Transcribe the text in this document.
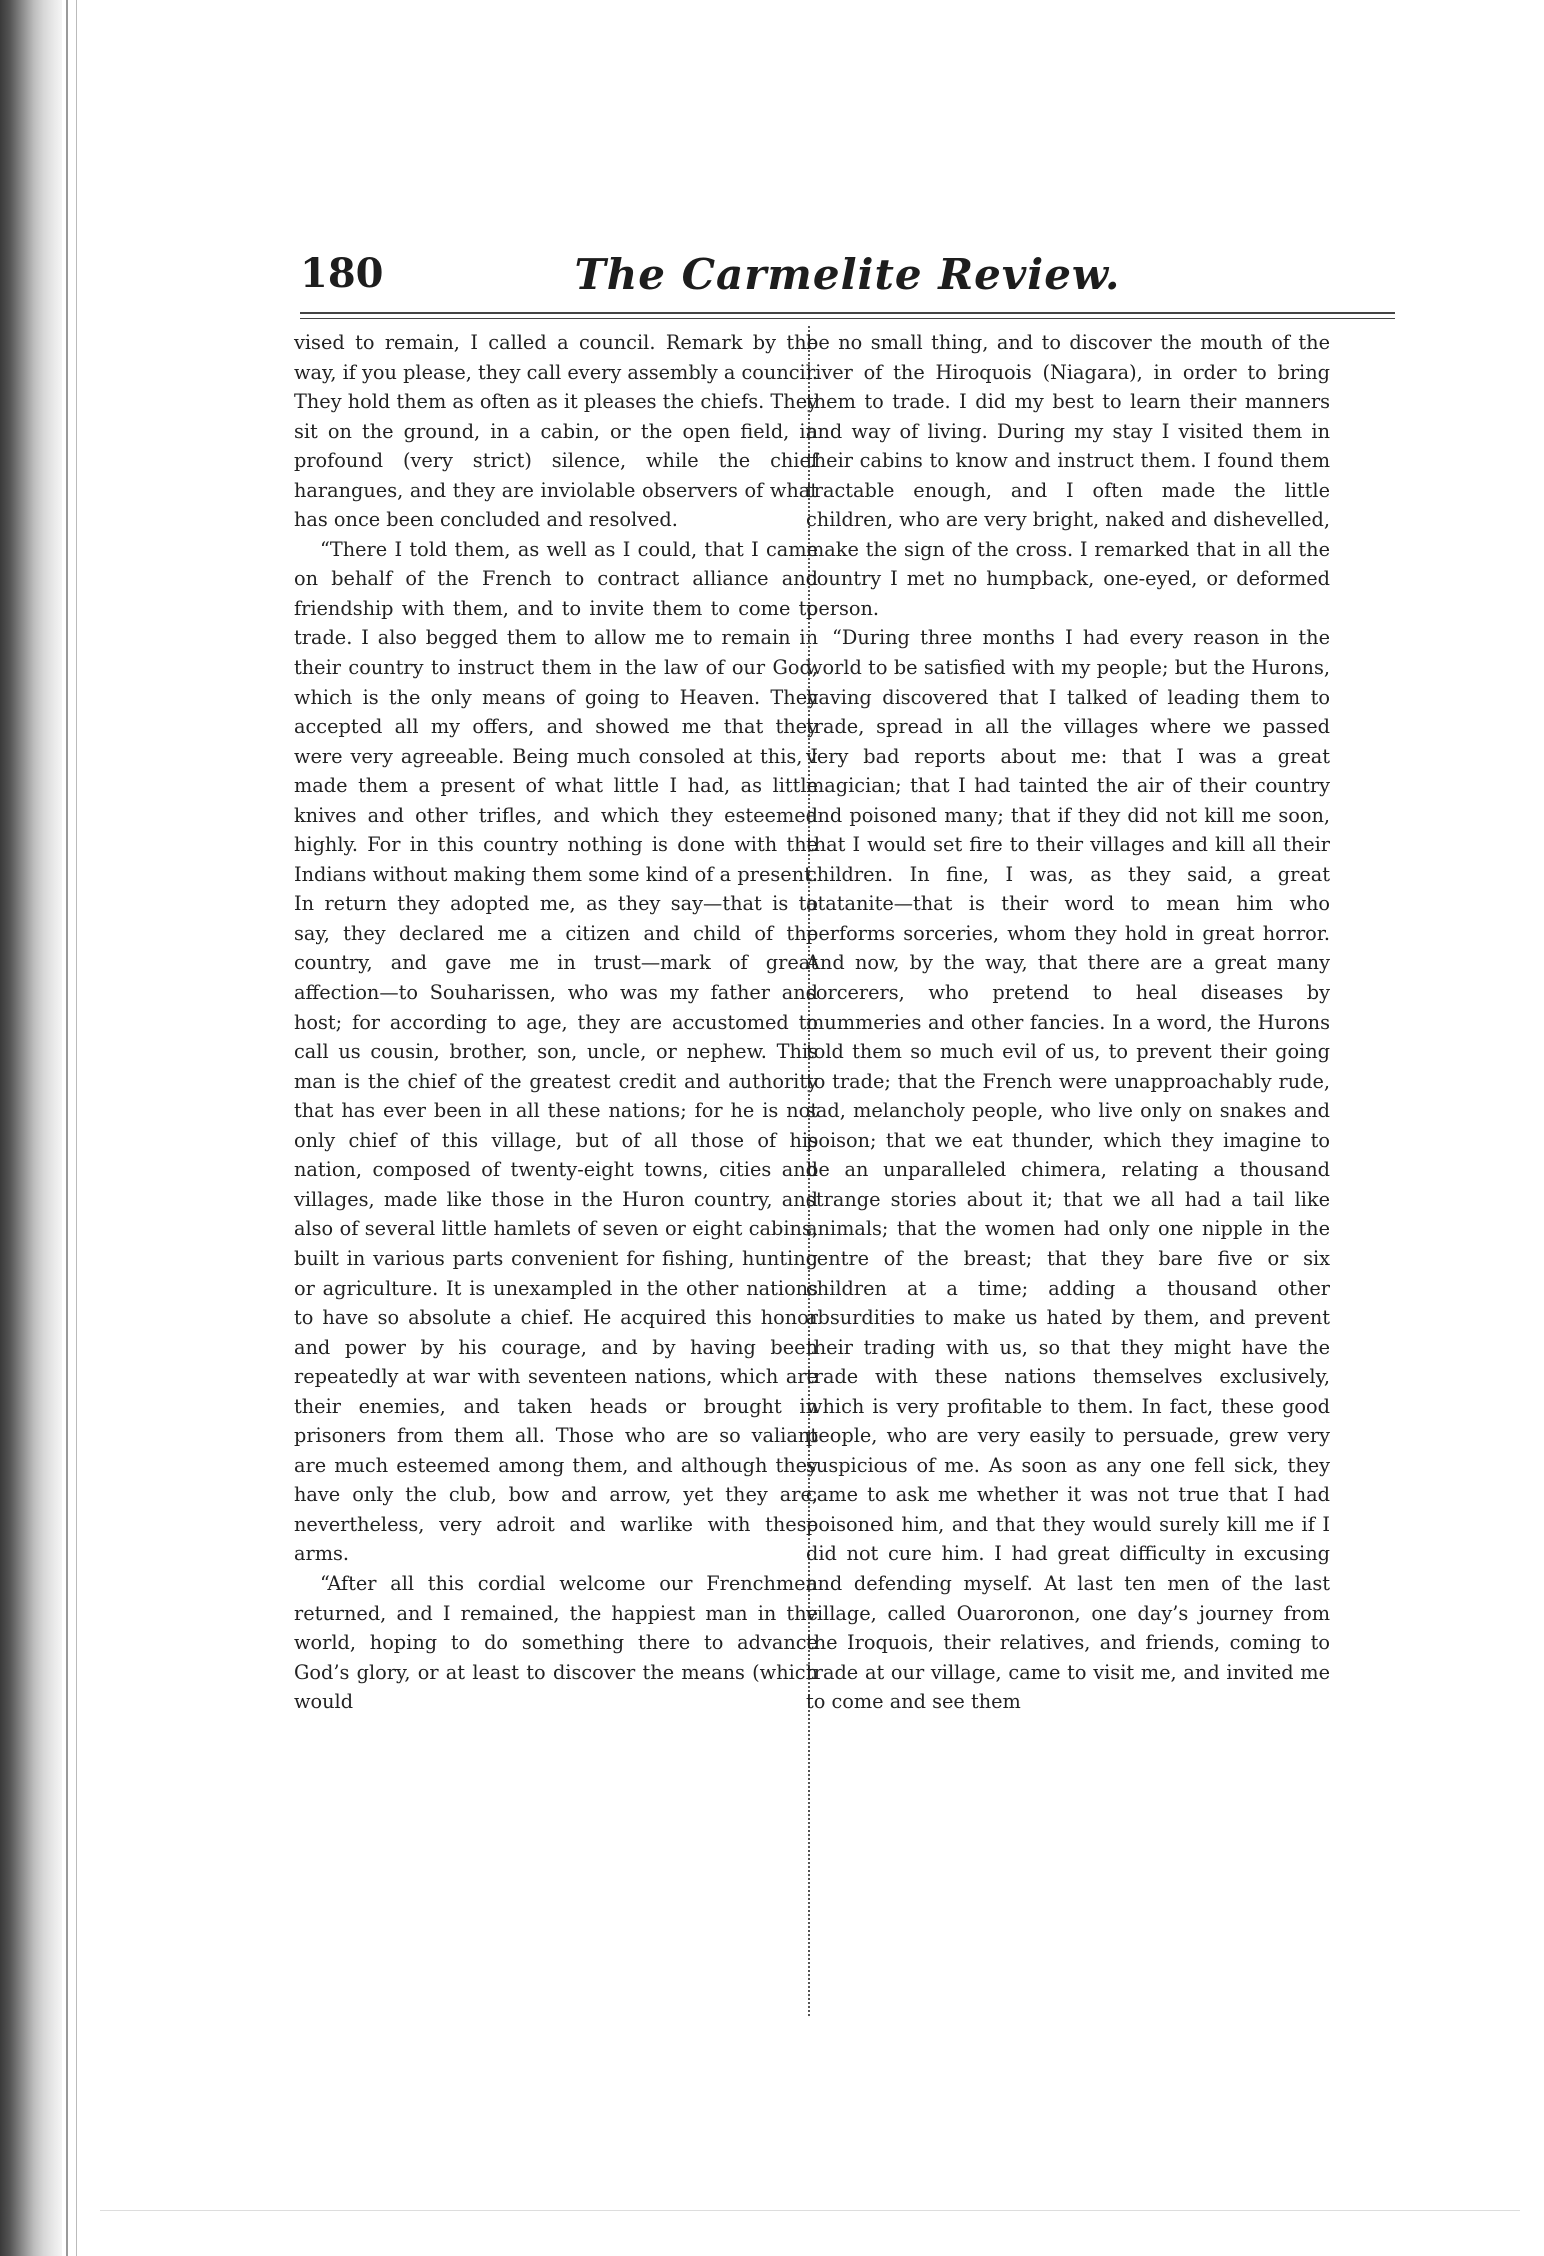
180	The Carmelite Review.

vised to remain, I called a council. Remark by the way, if you please, they call every assembly a council. They hold them as often as it pleases the chiefs. They sit on the ground, in a cabin, or the open field, in profound (very strict) silence, while the chief harangues, and they are inviolable observers of what has once been concluded and resolved.

“There I told them, as well as I could, that I came on behalf of the French to contract alliance and friendship with them, and to invite them to come to trade. I also begged them to allow me to remain in their country to instruct them in the law of our God, which is the only means of going to Heaven. They accepted all my offers, and showed me that they were very agreeable. Being much consoled at this, I made them a present of what little I had, as little knives and other trifles, and which they esteemed highly. For in this country nothing is done with the Indians without making them some kind of a present. In return they adopted me, as they say—that is to say, they declared me a citizen and child of the country, and gave me in trust—mark of great affection—to Souharissen, who was my father and host; for according to age, they are accustomed to call us cousin, brother, son, uncle, or nephew. This man is the chief of the greatest credit and authority that has ever been in all these nations; for he is not only chief of this village, but of all those of his nation, composed of twenty-eight towns, cities and villages, made like those in the Huron country, and also of several little hamlets of seven or eight cabins, built in various parts convenient for fishing, hunting or agriculture. It is unexampled in the other nations to have so absolute a chief. He acquired this honor and power by his courage, and by having been repeatedly at war with seventeen nations, which are their enemies, and taken heads or brought in prisoners from them all. Those who are so valiant are much esteemed among them, and although they have only the club, bow and arrow, yet they are, nevertheless, very adroit and warlike with these arms.

“After all this cordial welcome our Frenchmen returned, and I remained, the happiest man in the world, hoping to do something there to advance God’s glory, or at least to discover the means (which would

be no small thing, and to discover the mouth of the river of the Hiroquois (Niagara), in order to bring them to trade. I did my best to learn their manners and way of living. During my stay I visited them in their cabins to know and instruct them. I found them tractable enough, and I often made the little children, who are very bright, naked and dishevelled, make the sign of the cross. I remarked that in all the country I met no humpback, one-eyed, or deformed person.

“During three months I had every reason in the world to be satisfied with my people; but the Hurons, having discovered that I talked of leading them to trade, spread in all the villages where we passed very bad reports about me: that I was a great magician; that I had tainted the air of their country and poisoned many; that if they did not kill me soon, that I would set fire to their villages and kill all their children. In fine, I was, as they said, a great atatanite—that is their word to mean him who performs sorceries, whom they hold in great horror. And now, by the way, that there are a great many sorcerers, who pretend to heal diseases by mummeries and other fancies. In a word, the Hurons told them so much evil of us, to prevent their going to trade; that the French were unapproachably rude, sad, melancholy people, who live only on snakes and poison; that we eat thunder, which they imagine to be an unparalleled chimera, relating a thousand strange stories about it; that we all had a tail like animals; that the women had only one nipple in the centre of the breast; that they bare five or six children at a time; adding a thousand other absurdities to make us hated by them, and prevent their trading with us, so that they might have the trade with these nations themselves exclusively, which is very profitable to them. In fact, these good people, who are very easily to persuade, grew very suspicious of me. As soon as any one fell sick, they came to ask me whether it was not true that I had poisoned him, and that they would surely kill me if I did not cure him. I had great difficulty in excusing and defending myself. At last ten men of the last village, called Ouaroronon, one day’s journey from the Iroquois, their relatives, and friends, coming to trade at our village, came to visit me, and invited me to come and see them
